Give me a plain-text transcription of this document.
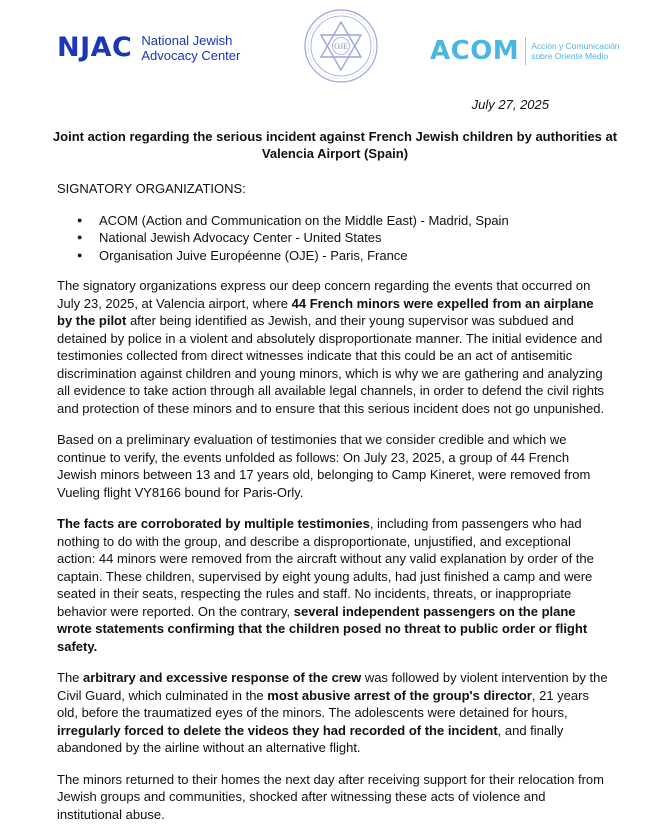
NJAC National Jewish
Advocacy Center
OJE	ACOM Acción y Comunicación
sobre Oriente Medio
July 27, 2025
Joint action regarding the serious incident against French Jewish children by authorities at Valencia Airport (Spain)

SIGNATORY ORGANIZATIONS:

● ACOM (Action and Communication on the Middle East) - Madrid, Spain
● National Jewish Advocacy Center - United States
● Organisation Juive Européenne (OJE) - Paris, France

The signatory organizations express our deep concern regarding the events that occurred on July 23, 2025, at Valencia airport, where 44 French minors were expelled from an airplane by the pilot after being identified as Jewish, and their young supervisor was subdued and detained by police in a violent and absolutely disproportionate manner. The initial evidence and testimonies collected from direct witnesses indicate that this could be an act of antisemitic discrimination against children and young minors, which is why we are gathering and analyzing all evidence to take action through all available legal channels, in order to defend the civil rights and protection of these minors and to ensure that this serious incident does not go unpunished.

Based on a preliminary evaluation of testimonies that we consider credible and which we continue to verify, the events unfolded as follows: On July 23, 2025, a group of 44 French Jewish minors between 13 and 17 years old, belonging to Camp Kineret, were removed from Vueling flight VY8166 bound for Paris-Orly.

The facts are corroborated by multiple testimonies, including from passengers who had nothing to do with the group, and describe a disproportionate, unjustified, and exceptional action: 44 minors were removed from the aircraft without any valid explanation by order of the captain. These children, supervised by eight young adults, had just finished a camp and were seated in their seats, respecting the rules and staff. No incidents, threats, or inappropriate behavior were reported. On the contrary, several independent passengers on the plane wrote statements confirming that the children posed no threat to public order or flight safety.

The arbitrary and excessive response of the crew was followed by violent intervention by the Civil Guard, which culminated in the most abusive arrest of the group's director, 21 years old, before the traumatized eyes of the minors. The adolescents were detained for hours, irregularly forced to delete the videos they had recorded of the incident, and finally abandoned by the airline without an alternative flight.

The minors returned to their homes the next day after receiving support for their relocation from Jewish groups and communities, shocked after witnessing these acts of violence and institutional abuse.
